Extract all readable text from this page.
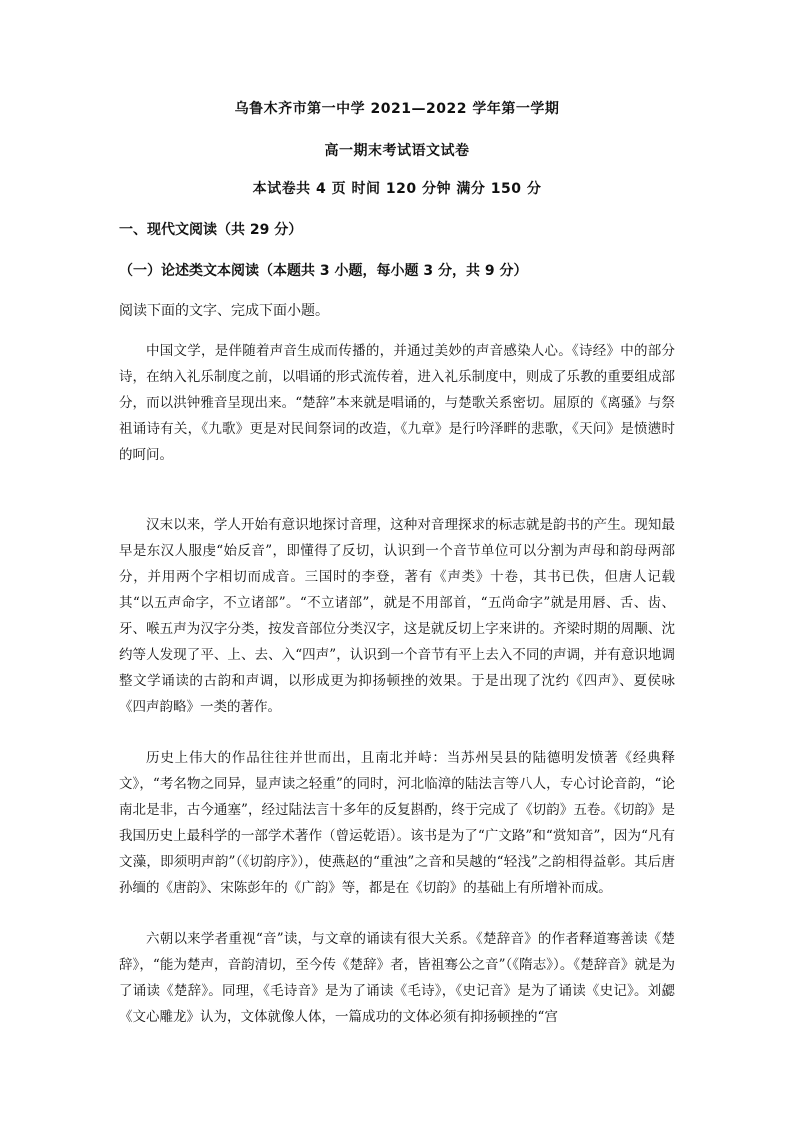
乌鲁木齐市第一中学 2021—2022 学年第一学期
高一期末考试语文试卷
本试卷共 4 页 时间 120 分钟 满分 150 分
一、现代文阅读（共 29 分）
（一）论述类文本阅读（本题共 3 小题，每小题 3 分，共 9 分）
阅读下面的文字、完成下面小题。

中国文学，是伴随着声音生成而传播的，并通过美妙的声音感染人心。《诗经》中的部分诗，在纳入礼乐制度之前，以唱诵的形式流传着，进入礼乐制度中，则成了乐教的重要组成部分，而以洪钟雅音呈现出来。“楚辞”本来就是唱诵的，与楚歌关系密切。屈原的《离骚》与祭祖诵诗有关，《九歌》更是对民间祭词的改造，《九章》是行吟泽畔的悲歌，《天问》是愤懑时的呵问。

汉末以来，学人开始有意识地探讨音理，这种对音理探求的标志就是韵书的产生。现知最早是东汉人服虔“始反音”，即懂得了反切，认识到一个音节单位可以分割为声母和韵母两部分，并用两个字相切而成音。三国时的李登，著有《声类》十卷，其书已佚，但唐人记载其“以五声命字，不立诸部”。“不立诸部”，就是不用部首，“五尚命字”就是用唇、舌、齿、牙、喉五声为汉字分类，按发音部位分类汉字，这是就反切上字来讲的。齐梁时期的周颙、沈约等人发现了平、上、去、入“四声”，认识到一个音节有平上去入不同的声调，并有意识地调整文学诵读的古韵和声调，以形成更为抑扬顿挫的效果。于是出现了沈约《四声》、夏侯咏《四声韵略》一类的著作。

历史上伟大的作品往往并世而出，且南北并峙：当苏州吴县的陆德明发愤著《经典释文》，“考名物之同异，显声读之轻重”的同时，河北临漳的陆法言等八人，专心讨论音韵，“论南北是非，古今通塞”，经过陆法言十多年的反复斟酌，终于完成了《切韵》五卷。《切韵》是我国历史上最科学的一部学术著作（曾运乾语）。该书是为了“广文路”和“赏知音”，因为“凡有文藻，即须明声韵”（《切韵序》），使燕赵的“重浊”之音和吴越的“轻浅”之韵相得益彰。其后唐孙缅的《唐韵》、宋陈彭年的《广韵》等，都是在《切韵》的基础上有所增补而成。

六朝以来学者重视“音”读，与文章的诵读有很大关系。《楚辞音》的作者释道骞善读《楚辞》，“能为楚声，音韵清切，至今传《楚辞》者，皆祖骞公之音”（《隋志》）。《楚辞音》就是为了诵读《楚辞》。同理，《毛诗音》是为了诵读《毛诗》，《史记音》是为了诵读《史记》。刘勰《文心雕龙》认为，文体就像人体，一篇成功的文体必须有抑扬顿挫的“宫
